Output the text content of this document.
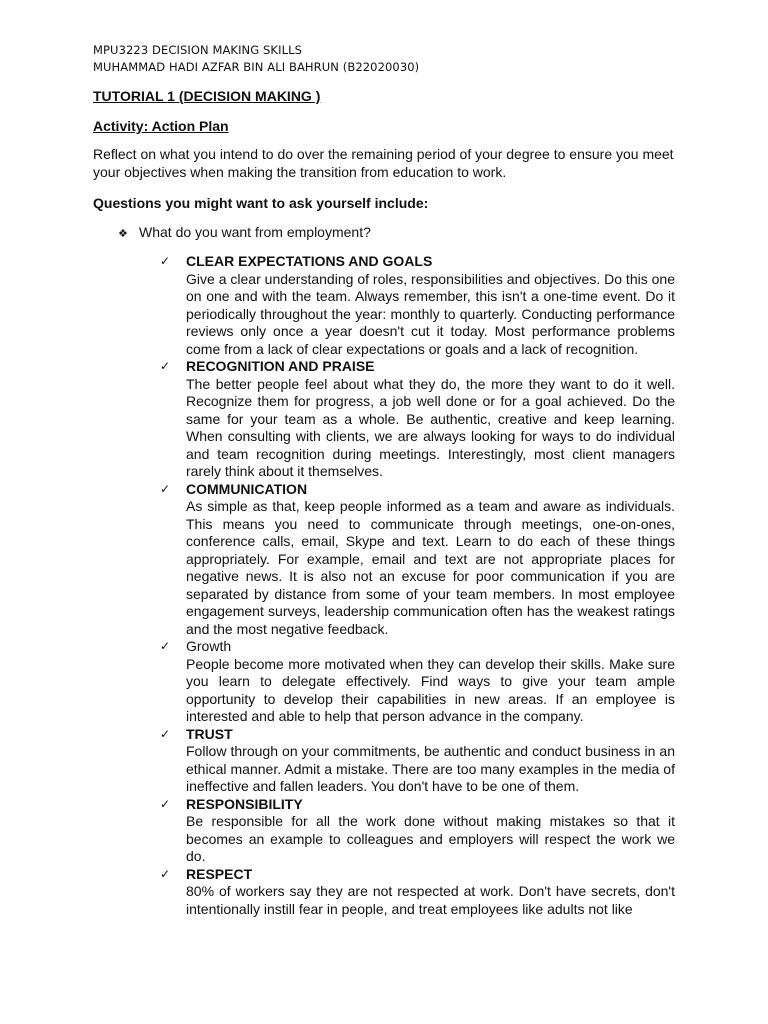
MPU3223 DECISION MAKING SKILLS
MUHAMMAD HADI AZFAR BIN ALI BAHRUN (B22020030)
TUTORIAL 1 (DECISION MAKING )
Activity: Action Plan
Reflect on what you intend to do over the remaining period of your degree to ensure you meet your objectives when making the transition from education to work.
Questions you might want to ask yourself include:
❖ What do you want from employment?
✓ CLEAR EXPECTATIONS AND GOALS
Give a clear understanding of roles, responsibilities and objectives. Do this one on one and with the team. Always remember, this isn't a one-time event. Do it periodically throughout the year: monthly to quarterly. Conducting performance reviews only once a year doesn't cut it today. Most performance problems come from a lack of clear expectations or goals and a lack of recognition.
✓ RECOGNITION AND PRAISE
The better people feel about what they do, the more they want to do it well. Recognize them for progress, a job well done or for a goal achieved. Do the same for your team as a whole. Be authentic, creative and keep learning. When consulting with clients, we are always looking for ways to do individual and team recognition during meetings. Interestingly, most client managers rarely think about it themselves.
✓ COMMUNICATION
As simple as that, keep people informed as a team and aware as individuals. This means you need to communicate through meetings, one-on-ones, conference calls, email, Skype and text. Learn to do each of these things appropriately. For example, email and text are not appropriate places for negative news. It is also not an excuse for poor communication if you are separated by distance from some of your team members. In most employee engagement surveys, leadership communication often has the weakest ratings and the most negative feedback.
✓ Growth
People become more motivated when they can develop their skills. Make sure you learn to delegate effectively. Find ways to give your team ample opportunity to develop their capabilities in new areas. If an employee is interested and able to help that person advance in the company.
✓ TRUST
Follow through on your commitments, be authentic and conduct business in an ethical manner. Admit a mistake. There are too many examples in the media of ineffective and fallen leaders. You don't have to be one of them.
✓ RESPONSIBILITY
Be responsible for all the work done without making mistakes so that it becomes an example to colleagues and employers will respect the work we do.
✓ RESPECT
80% of workers say they are not respected at work. Don't have secrets, don't intentionally instill fear in people, and treat employees like adults not like
